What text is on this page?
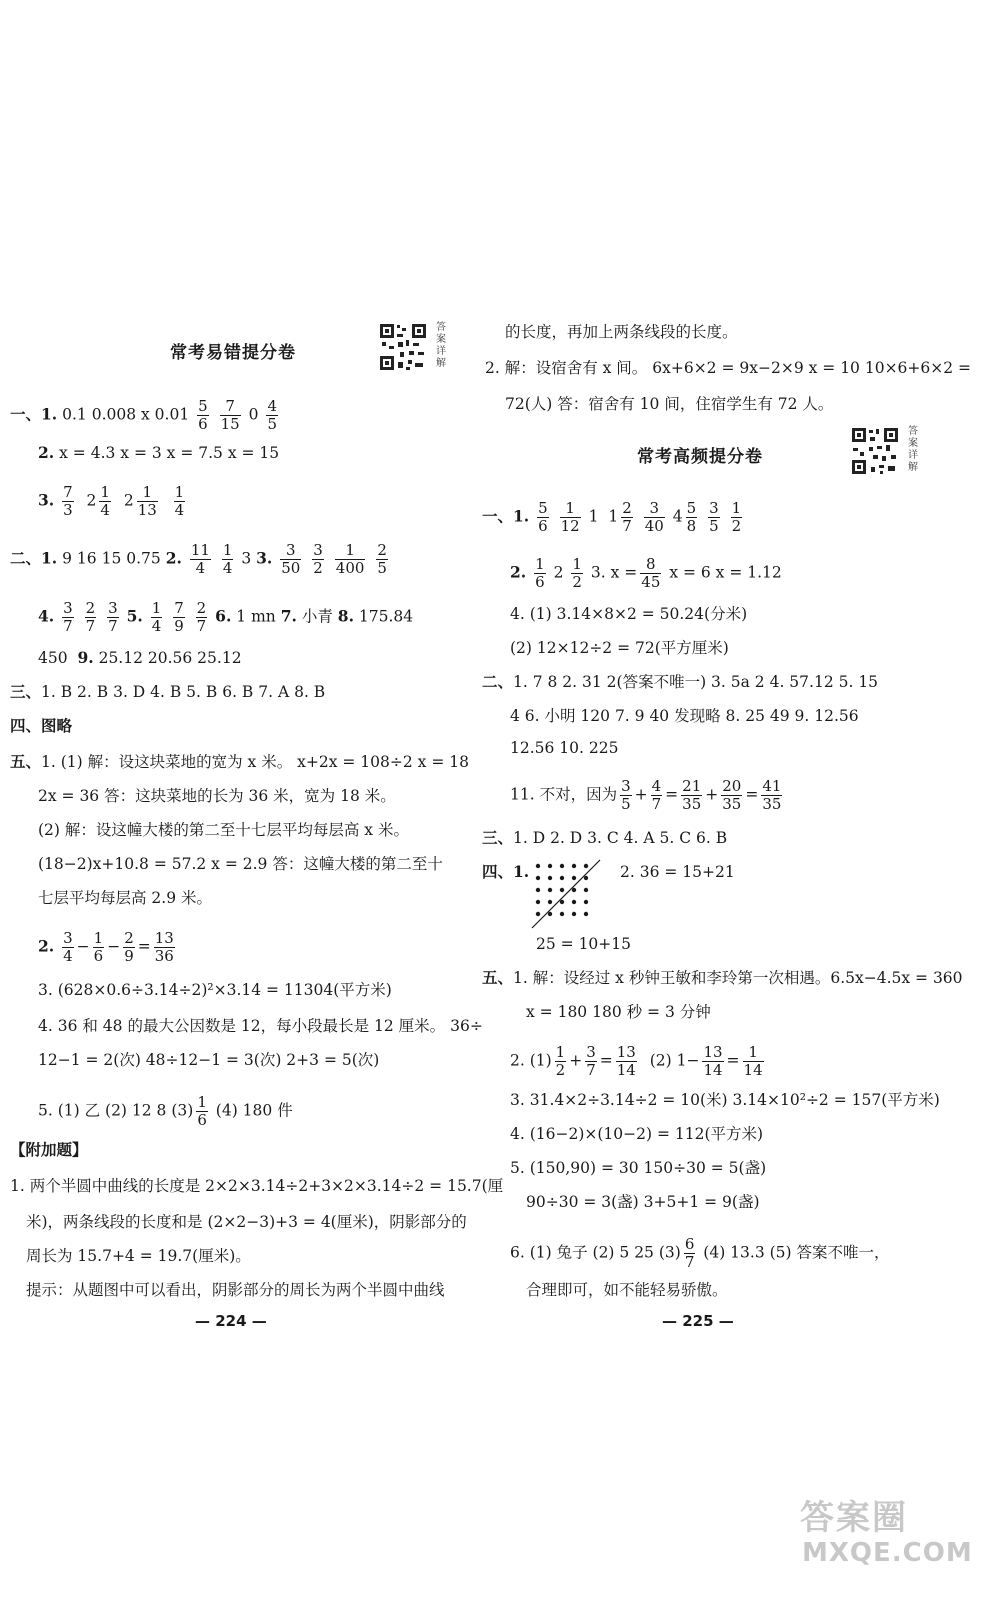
常考易错提分卷
答案详解
一、1. 0.1 0.008 x $0.01 \frac{5}{6}$
$\frac{7}{15} 0 \frac{4}{5}$
2. x = 4.3 x = 3 x = 7.5 x = 15
3. $\frac{7}{3} 2 \frac{1}{4} 2 \frac{1}{13}$
$\frac{1}{4}$
二、1. 9 16 15 0.75 2. $\frac{11}{4}$
$\frac{1}{4} 3$ 3. $\frac{3}{50}$
$\frac{3}{2}$
$\frac{1}{400}$
$\frac{2}{5}$
4. $\frac{3}{7}$
$\frac{2}{7}$
$\frac{3}{7} 5$. $\frac{1}{4}$
$\frac{7}{9}$
$\frac{2}{7} 6$. 1 mn 7. 小青 8. 175.84
450 9. 25.12 20.56 25.12
三、1. B 2. B 3. D 4. B 5. B 6. B 7. A 8. B
四、图略
五、1. (1) 解：设这块菜地的宽为 x 米。 x+2x = 108÷2 x = 18
2x = 36 答：这块菜地的长为 36 米，宽为 18 米。
(2) 解：设这幢大楼的第二至十七层平均每层高 x 米。
(18−2)x+10.8 = 57.2 x = 2.9 答：这幢大楼的第二至十
七层平均每层高 2.9 米。
2. $\frac{3}{4} - \frac{1}{6} - \frac{2}{9} = \frac{13}{36}$
3. (628×0.6÷3.14÷2)²×3.14 = 11304(平方米)
4. 36 和 48 的最大公因数是 12，每小段最长是 12 厘米。 36÷
12−1 = 2(次) 48÷12−1 = 3(次) 2+3 = 5(次)
5. (1) 乙 (2) 12 8 $(3) \frac{1}{6} (4)$ 180 件
【附加题】
1. 两个半圆中曲线的长度是 2×2×3.14÷2+3×2×3.14÷2 = 15.7(厘
米)，两条线段的长度和是 (2×2−3)+3 = 4(厘米)，阴影部分的
周长为 15.7+4 = 19.7(厘米)。
提示：从题图中可以看出，阴影部分的周长为两个半圆中曲线
— 224 —
的长度，再加上两条线段的长度。
2. 解：设宿舍有 x 间。 6x+6×2 = 9x−2×9 x = 10 10×6+6×2 =
72(人) 答：宿舍有 10 间，住宿学生有 72 人。
常考高频提分卷
答案详解
一、1. $\frac{5}{6}$
$\frac{1}{12} 1$ $1 \frac{2}{7}$
$\frac{3}{40} 4 \frac{5}{8}$
$\frac{3}{5}$
$\frac{1}{2}$
2. $\frac{1}{6} 2 \frac{1}{2} 3$. $x = \frac{8}{45}$ x = 6 x = 1.12
4. (1) 3.14×8×2 = 50.24(分米)
(2) 12×12÷2 = 72(平方厘米)
二、1. 7 8 2. 31 2(答案不唯一) 3. 5a 2 4. 57.12 5. 15
4 6. 小明 120 7. 9 40 发现略 8. 25 49 9. 12.56
12.56 10. 225
11. 不对，因为 $\frac{3}{5} + \frac{4}{7} = \frac{21}{35} + \frac{20}{35} = \frac{41}{35}$
三、1. D 2. D 3. C 4. A 5. C 6. B
四、1.	2. 36 = 15+21
25 = 10+15
五、1. 解：设经过 x 秒钟王敏和李玲第一次相遇。6.5x−4.5x = 360
x = 180 180 秒 = 3 分钟
2. $(1) \frac{1}{2} + \frac{3}{7} = \frac{13}{14} (2)$ $1- \frac{13}{14} = \frac{1}{14}$
3. 31.4×2÷3.14÷2 = 10(米) 3.14×10²÷2 = 157(平方米)
4. (16−2)×(10−2) = 112(平方米)
5. (150,90) = 30 150÷30 = 5(盏)
90÷30 = 3(盏) 3+5+1 = 9(盏)
6. (1) 兔子 (2) 5 25 $(3) \frac{6}{7} (4)$ 13.3 (5) 答案不唯一，
合理即可，如不能轻易骄傲。
— 225 —
答案圈
MXQE.COM
